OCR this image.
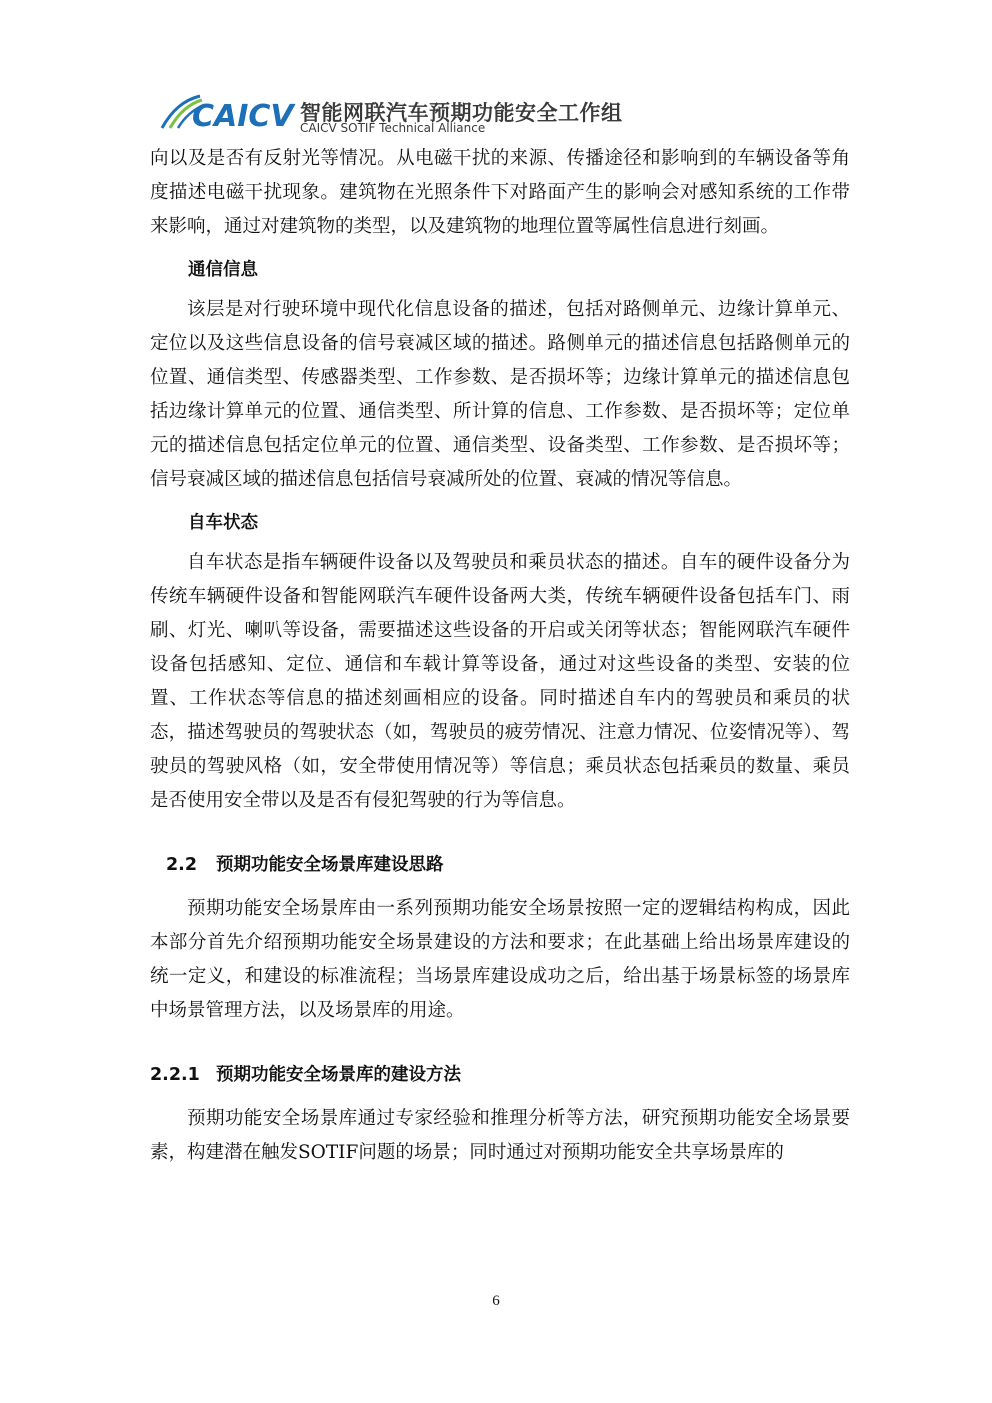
CAICV 智能网联汽车预期功能安全工作组
CAICV SOTIF Technical Alliance

向以及是否有反射光等情况。从电磁干扰的来源、传播途径和影响到的车辆设备等角度描述电磁干扰现象。建筑物在光照条件下对路面产生的影响会对感知系统的工作带来影响，通过对建筑物的类型，以及建筑物的地理位置等属性信息进行刻画。

通信信息

该层是对行驶环境中现代化信息设备的描述，包括对路侧单元、边缘计算单元、定位以及这些信息设备的信号衰减区域的描述。路侧单元的描述信息包括路侧单元的位置、通信类型、传感器类型、工作参数、是否损坏等；边缘计算单元的描述信息包括边缘计算单元的位置、通信类型、所计算的信息、工作参数、是否损坏等；定位单元的描述信息包括定位单元的位置、通信类型、设备类型、工作参数、是否损坏等；信号衰减区域的描述信息包括信号衰减所处的位置、衰减的情况等信息。

自车状态

自车状态是指车辆硬件设备以及驾驶员和乘员状态的描述。自车的硬件设备分为传统车辆硬件设备和智能网联汽车硬件设备两大类，传统车辆硬件设备包括车门、雨刷、灯光、喇叭等设备，需要描述这些设备的开启或关闭等状态；智能网联汽车硬件设备包括感知、定位、通信和车载计算等设备，通过对这些设备的类型、安装的位置、工作状态等信息的描述刻画相应的设备。同时描述自车内的驾驶员和乘员的状态，描述驾驶员的驾驶状态（如，驾驶员的疲劳情况、注意力情况、位姿情况等）、驾驶员的驾驶风格（如，安全带使用情况等）等信息；乘员状态包括乘员的数量、乘员是否使用安全带以及是否有侵犯驾驶的行为等信息。

2.2 预期功能安全场景库建设思路

预期功能安全场景库由一系列预期功能安全场景按照一定的逻辑结构构成，因此本部分首先介绍预期功能安全场景建设的方法和要求；在此基础上给出场景库建设的统一定义，和建设的标准流程；当场景库建设成功之后，给出基于场景标签的场景库中场景管理方法，以及场景库的用途。

2.2.1 预期功能安全场景库的建设方法

预期功能安全场景库通过专家经验和推理分析等方法，研究预期功能安全场景要素，构建潜在触发SOTIF问题的场景；同时通过对预期功能安全共享场景库的

6
